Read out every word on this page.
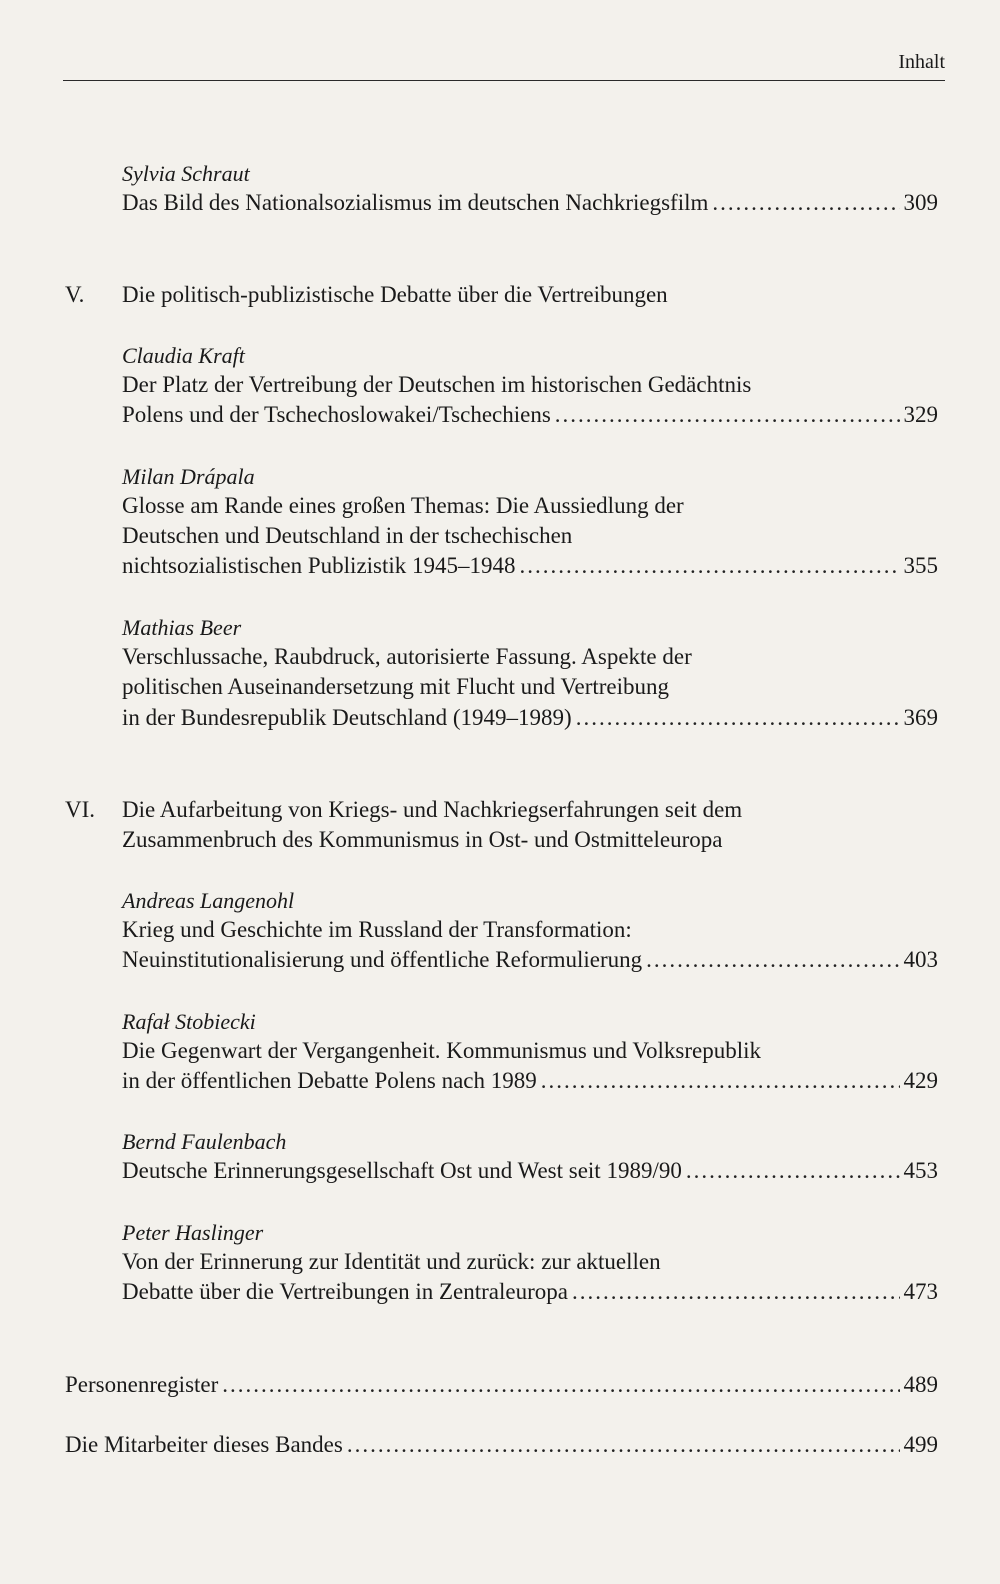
Inhalt
Sylvia Schraut
Das Bild des Nationalsozialismus im deutschen Nachkriegsfilm .....	309
V. Die politisch-publizistische Debatte über die Vertreibungen
Claudia Kraft
Der Platz der Vertreibung der Deutschen im historischen Gedächtnis
Polens und der Tschechoslowakei/Tschechiens .....	329
Milan Drápala
Glosse am Rande eines großen Themas: Die Aussiedlung der
Deutschen und Deutschland in der tschechischen
nichtsozialistischen Publizistik 1945–1948 .....	355
Mathias Beer
Verschlussache, Raubdruck, autorisierte Fassung. Aspekte der
politischen Auseinandersetzung mit Flucht und Vertreibung
in der Bundesrepublik Deutschland (1949–1989) .....	369
VI. Die Aufarbeitung von Kriegs- und Nachkriegserfahrungen seit dem
Zusammenbruch des Kommunismus in Ost- und Ostmitteleuropa
Andreas Langenohl
Krieg und Geschichte im Russland der Transformation:
Neuinstitutionalisierung und öffentliche Reformulierung .....	403
Rafał Stobiecki
Die Gegenwart der Vergangenheit. Kommunismus und Volksrepublik
in der öffentlichen Debatte Polens nach 1989 .....	429
Bernd Faulenbach
Deutsche Erinnerungsgesellschaft Ost und West seit 1989/90 .....	453
Peter Haslinger
Von der Erinnerung zur Identität und zurück: zur aktuellen
Debatte über die Vertreibungen in Zentraleuropa .....	473
Personenregister .....	489
Die Mitarbeiter dieses Bandes .....	499
